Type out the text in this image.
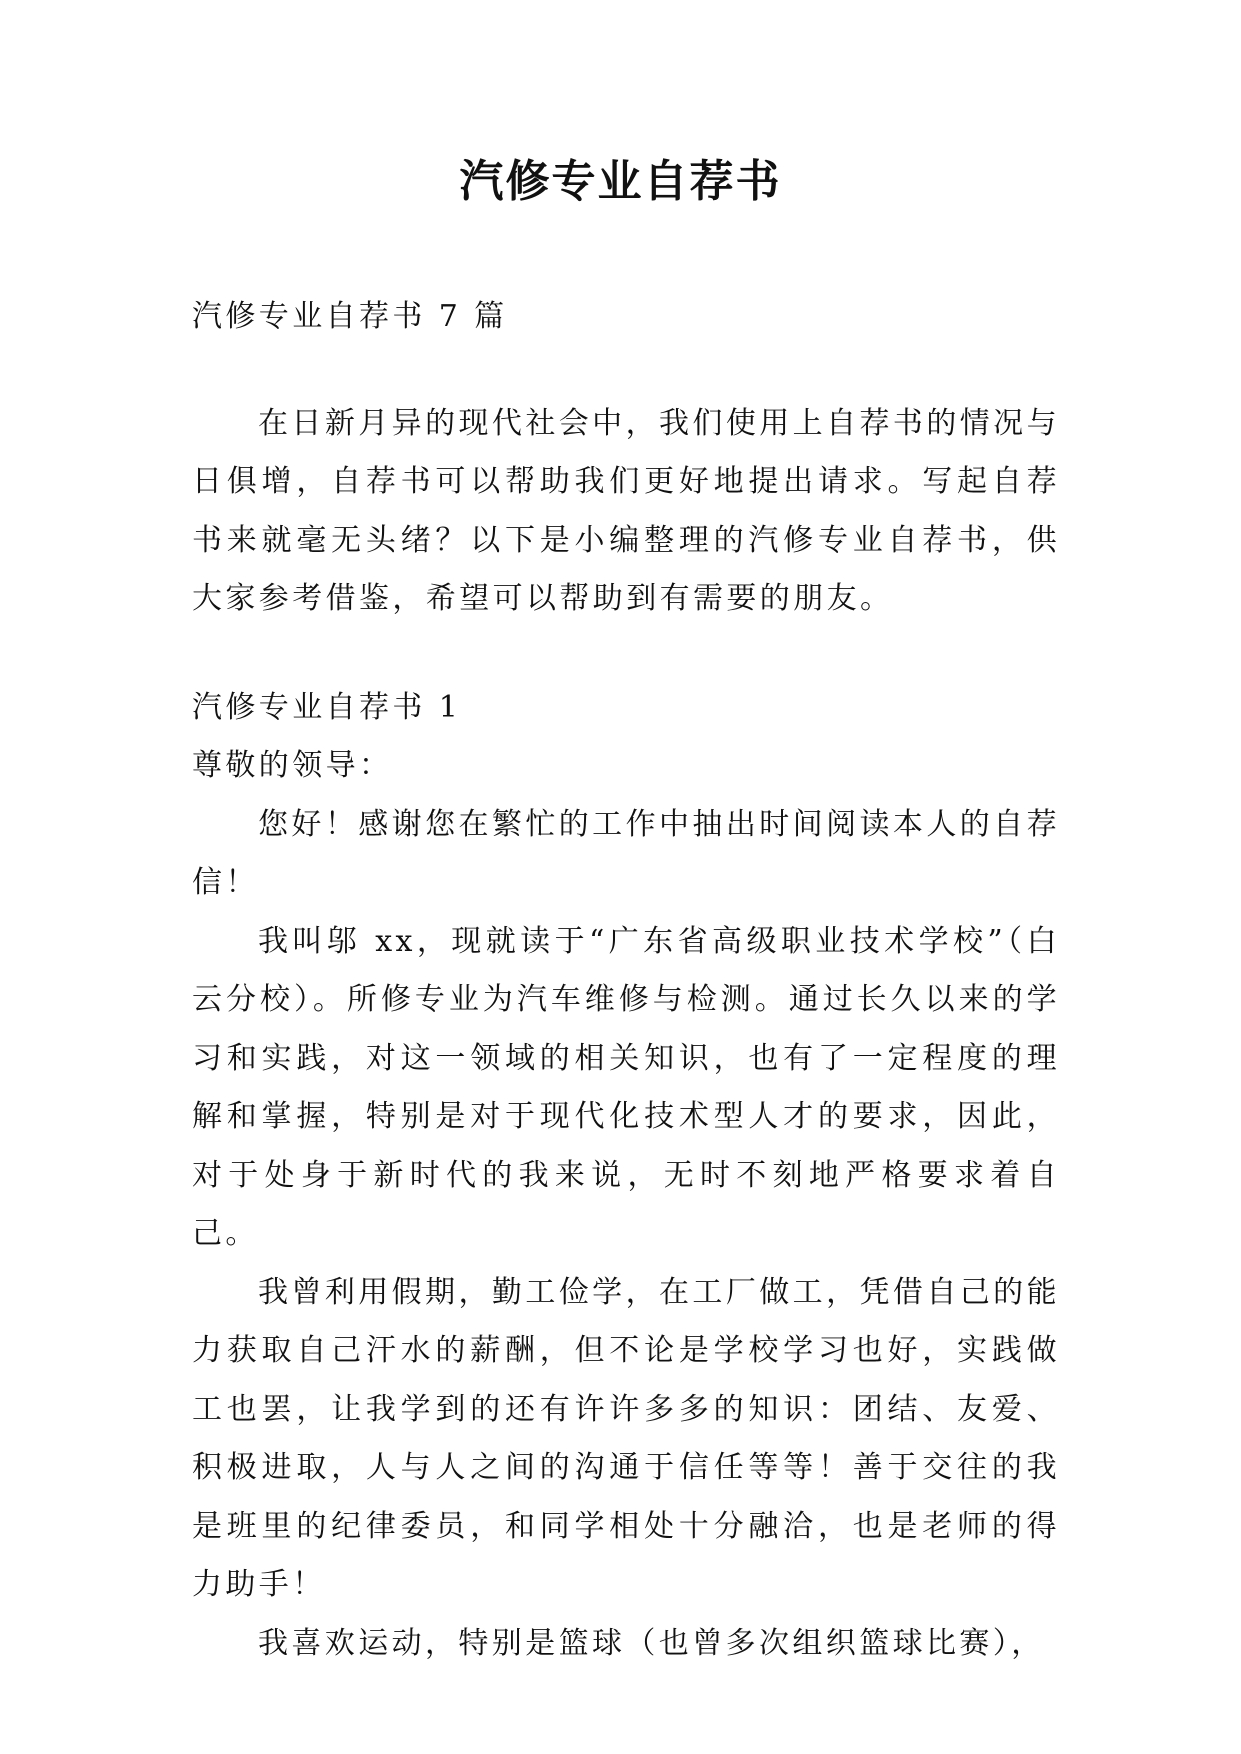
汽修专业自荐书

汽修专业自荐书 7 篇

在日新月异的现代社会中，我们使用上自荐书的情况与日俱增，自荐书可以帮助我们更好地提出请求。写起自荐书来就毫无头绪？以下是小编整理的汽修专业自荐书，供大家参考借鉴，希望可以帮助到有需要的朋友。

汽修专业自荐书 1

尊敬的领导：

您好！感谢您在繁忙的工作中抽出时间阅读本人的自荐信！

我叫邬 xx，现就读于“广东省高级职业技术学校”（白云分校）。所修专业为汽车维修与检测。通过长久以来的学习和实践，对这一领域的相关知识，也有了一定程度的理解和掌握，特别是对于现代化技术型人才的要求，因此，对于处身于新时代的我来说，无时不刻地严格要求着自己。

我曾利用假期，勤工俭学，在工厂做工，凭借自己的能力获取自己汗水的薪酬，但不论是学校学习也好，实践做工也罢，让我学到的还有许许多多的知识：团结、友爱、积极进取，人与人之间的沟通于信任等等！善于交往的我是班里的纪律委员，和同学相处十分融洽，也是老师的得力助手！

我喜欢运动，特别是篮球（也曾多次组织篮球比赛），
